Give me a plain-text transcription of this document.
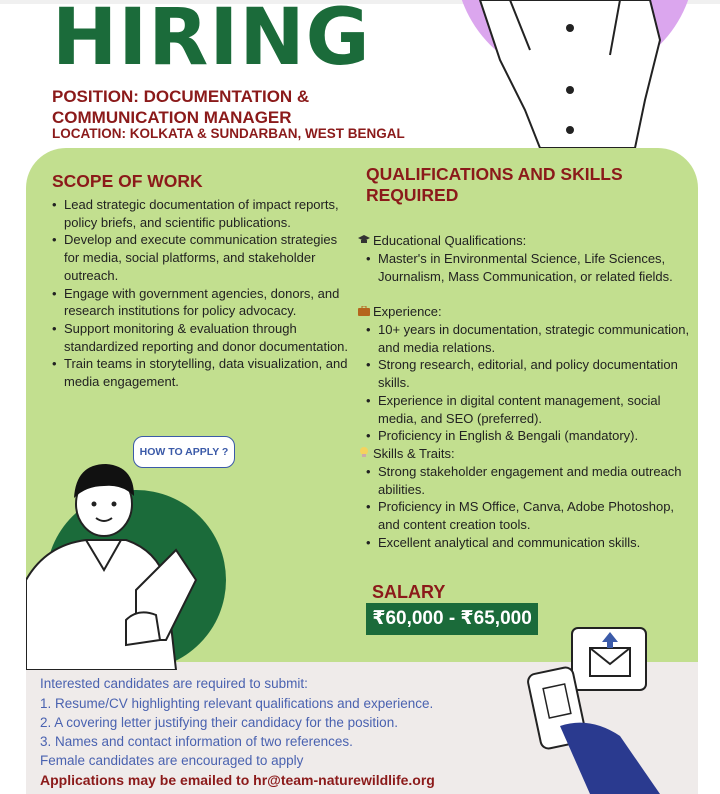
HIRING
POSITION: DOCUMENTATION &
COMMUNICATION MANAGER
LOCATION: KOLKATA & SUNDARBAN, WEST BENGAL
SCOPE OF WORK
• Lead strategic documentation of impact reports, policy briefs, and scientific publications.
• Develop and execute communication strategies for media, social platforms, and stakeholder outreach.
• Engage with government agencies, donors, and research institutions for policy advocacy.
• Support monitoring & evaluation through standardized reporting and donor documentation.
• Train teams in storytelling, data visualization, and media engagement.
QUALIFICATIONS AND SKILLS
REQUIRED
Educational Qualifications:
• Master's in Environmental Science, Life Sciences, Journalism, Mass Communication, or related fields.
Experience:
• 10+ years in documentation, strategic communication, and media relations.
• Strong research, editorial, and policy documentation skills.
• Experience in digital content management, social media, and SEO (preferred).
• Proficiency in English & Bengali (mandatory).
Skills & Traits:
• Strong stakeholder engagement and media outreach abilities.
• Proficiency in MS Office, Canva, Adobe Photoshop, and content creation tools.
• Excellent analytical and communication skills.
SALARY
₹60,000 - ₹65,000
HOW TO APPLY ?
Interested candidates are required to submit:
1. Resume/CV highlighting relevant qualifications and experience.
2. A covering letter justifying their candidacy for the position.
3. Names and contact information of two references.
Female candidates are encouraged to apply
Applications may be emailed to hr@team-naturewildlife.org
